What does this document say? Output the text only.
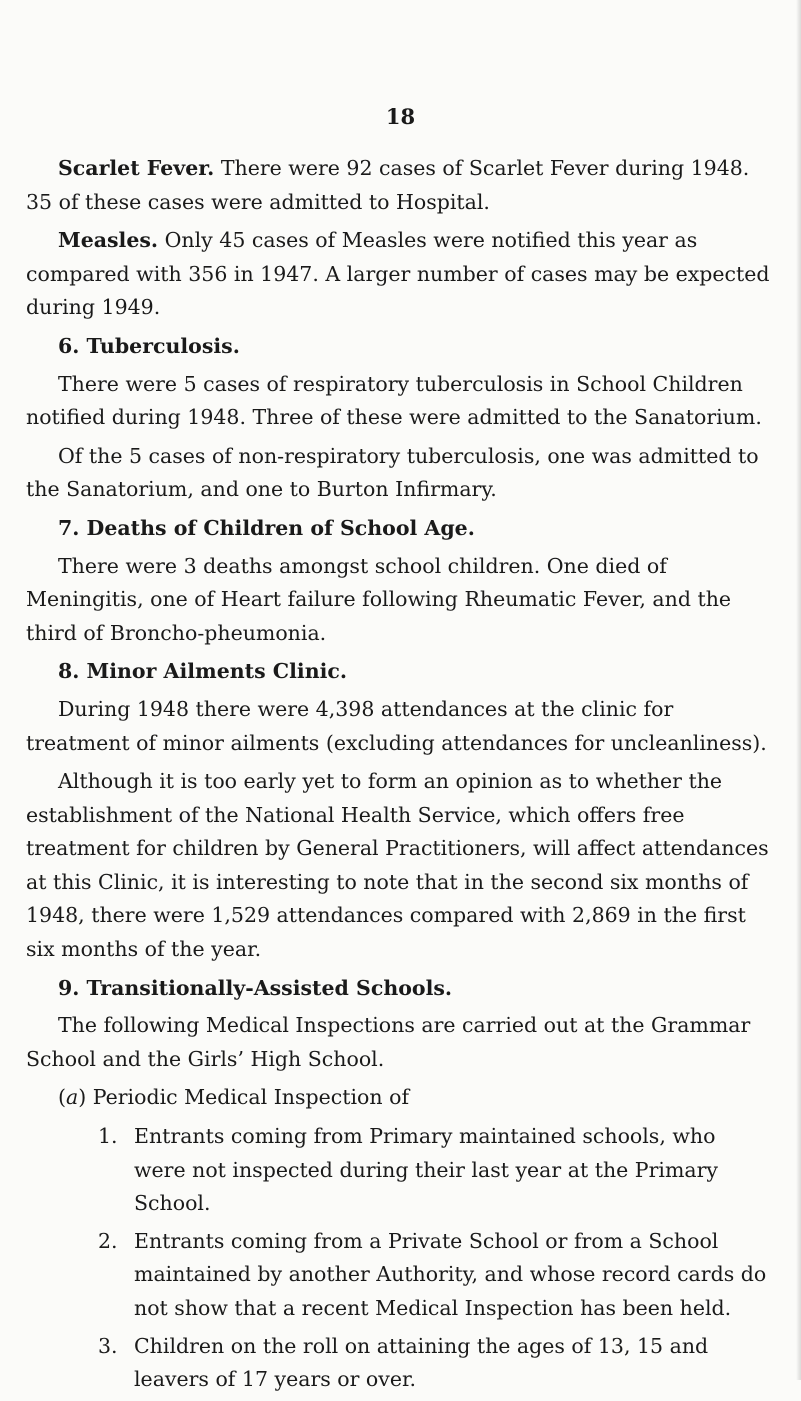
18

Scarlet Fever. There were 92 cases of Scarlet Fever during 1948. 35 of these cases were admitted to Hospital.

Measles. Only 45 cases of Measles were notified this year as compared with 356 in 1947. A larger number of cases may be expected during 1949.

6. Tuberculosis.

There were 5 cases of respiratory tuberculosis in School Children notified during 1948. Three of these were admitted to the Sanatorium.

Of the 5 cases of non-respiratory tuberculosis, one was admitted to the Sanatorium, and one to Burton Infirmary.

7. Deaths of Children of School Age.

There were 3 deaths amongst school children. One died of Meningitis, one of Heart failure following Rheumatic Fever, and the third of Broncho-pheumonia.

8. Minor Ailments Clinic.

During 1948 there were 4,398 attendances at the clinic for treatment of minor ailments (excluding attendances for uncleanliness).

Although it is too early yet to form an opinion as to whether the establishment of the National Health Service, which offers free treatment for children by General Practitioners, will affect attendances at this Clinic, it is interesting to note that in the second six months of 1948, there were 1,529 attendances compared with 2,869 in the first six months of the year.

9. Transitionally-Assisted Schools.

The following Medical Inspections are carried out at the Grammar School and the Girls’ High School.

(a) Periodic Medical Inspection of

1. Entrants coming from Primary maintained schools, who were not inspected during their last year at the Primary School.
2. Entrants coming from a Private School or from a School maintained by another Authority, and whose record cards do not show that a recent Medical Inspection has been held.
3. Children on the roll on attaining the ages of 13, 15 and leavers of 17 years or over.
